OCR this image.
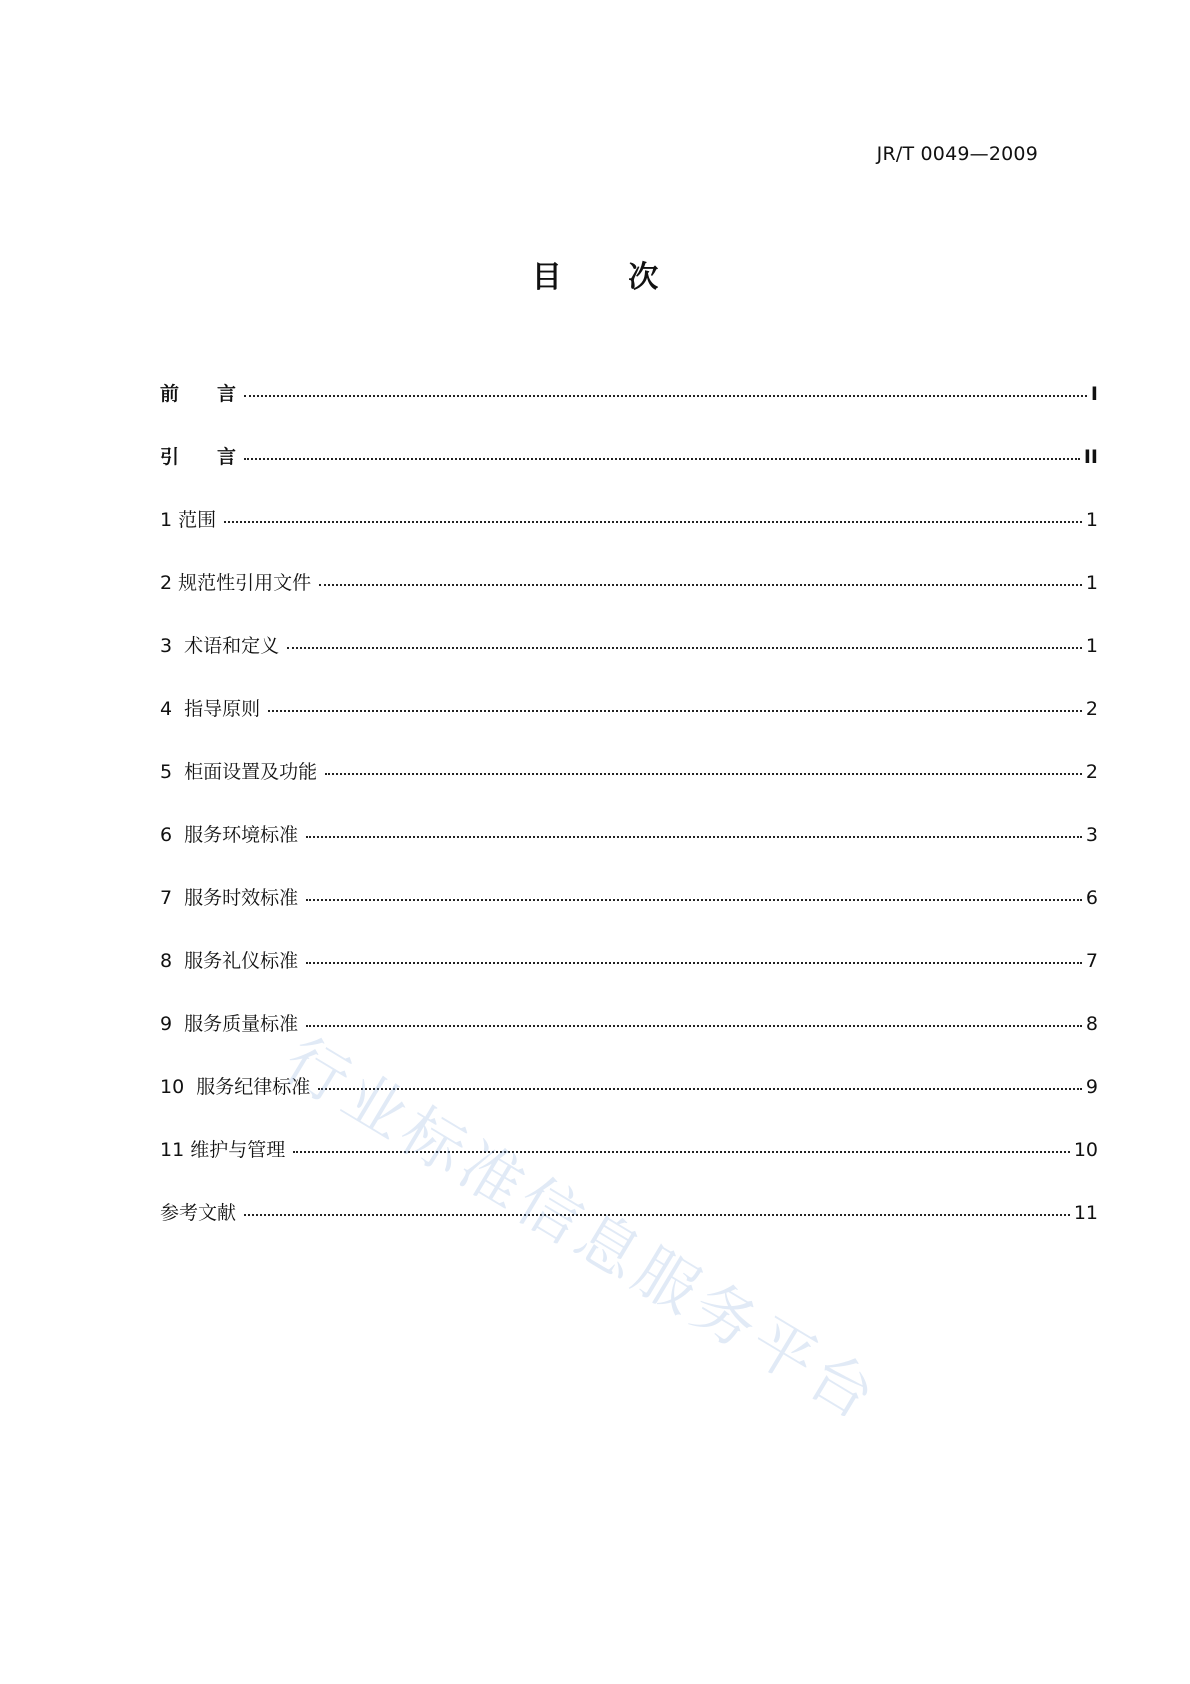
JR/T 0049—2009
目 次
前　　言	I
引　　言	II
1 范围	1
2 规范性引用文件	1
3  术语和定义	1
4  指导原则	2
5  柜面设置及功能	2
6  服务环境标准	3
7  服务时效标准	6
8  服务礼仪标准	7
9  服务质量标准	8
10  服务纪律标准	9
11 维护与管理	10
参考文献	11
行业标准信息服务平台
